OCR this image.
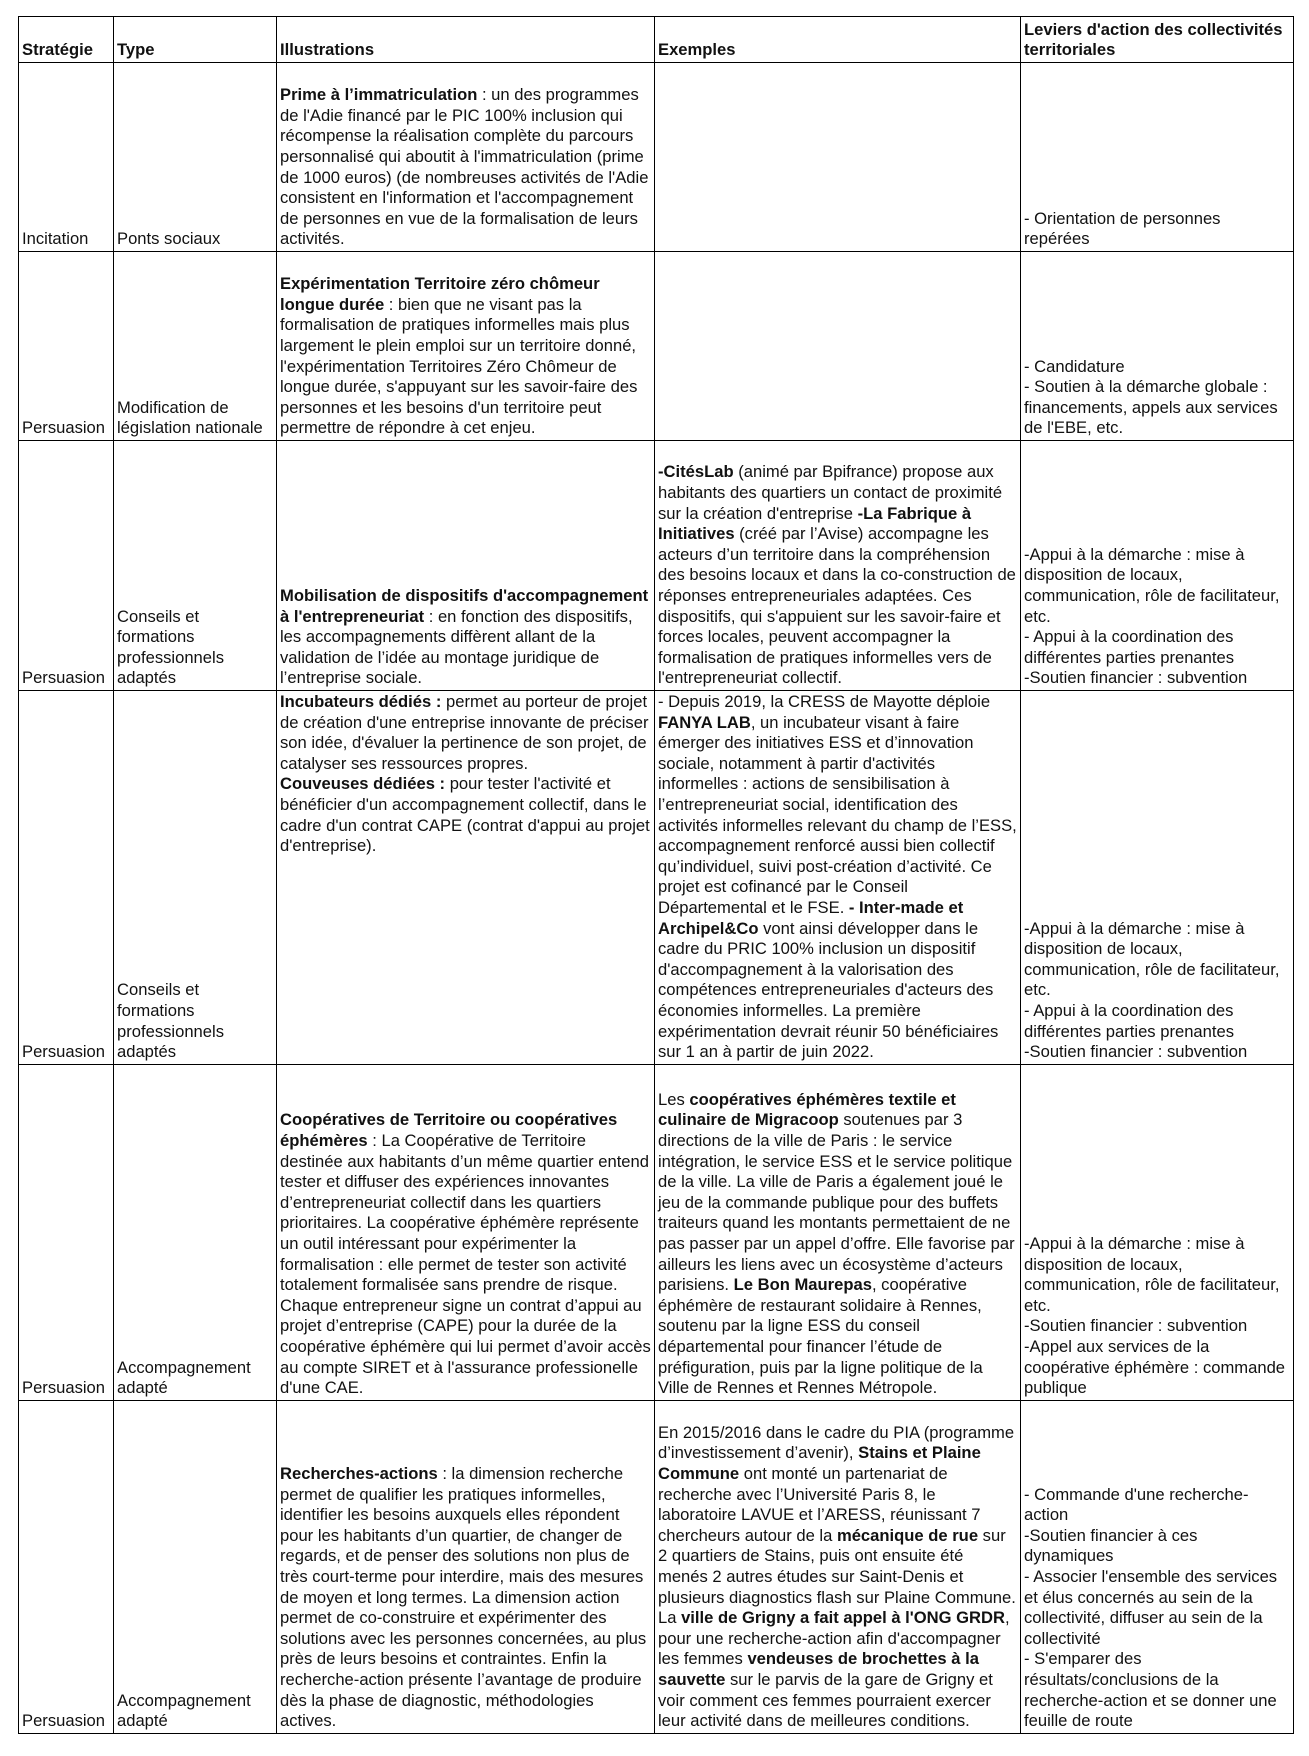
Stratégie	Type	Illustrations	Exemples	Leviers d'action des collectivités territoriales
Incitation	Ponts sociaux	Prime à l’immatriculation : un des programmes de l'Adie financé par le PIC 100% inclusion qui récompense la réalisation complète du parcours personnalisé qui aboutit à l'immatriculation (prime de 1000 euros) (de nombreuses activités de l'Adie consistent en l'information et l'accompagnement de personnes en vue de la formalisation de leurs activités.		- Orientation de personnes repérées

Persuasion	Modification de législation nationale	Expérimentation Territoire zéro chômeur longue durée : bien que ne visant pas la formalisation de pratiques informelles mais plus largement le plein emploi sur un territoire donné, l'expérimentation Territoires Zéro Chômeur de longue durée, s'appuyant sur les savoir-faire des personnes et les besoins d'un territoire peut permettre de répondre à cet enjeu.		- Candidature
- Soutien à la démarche globale : financements, appels aux services de l'EBE, etc.

Persuasion	Conseils et formations professionnels adaptés	Mobilisation de dispositifs d'accompagnement à l'entrepreneuriat : en fonction des dispositifs, les accompagnements diffèrent allant de la validation de l’idée au montage juridique de l’entreprise sociale.	-CitésLab (animé par Bpifrance) propose aux habitants des quartiers un contact de proximité sur la création d'entreprise -La Fabrique à Initiatives (créé par l’Avise) accompagne les acteurs d’un territoire dans la compréhension des besoins locaux et dans la co-construction de réponses entrepreneuriales adaptées. Ces dispositifs, qui s'appuient sur les savoir-faire et forces locales, peuvent accompagner la formalisation de pratiques informelles vers de l'entrepreneuriat collectif.	
-Appui à la démarche : mise à disposition de locaux, communication, rôle de facilitateur, etc.
- Appui à la coordination des différentes parties prenantes
-Soutien financier : subvention

Persuasion	Conseils et formations professionnels adaptés	Incubateurs dédiés : permet au porteur de projet de création d'une entreprise innovante de préciser son idée, d'évaluer la pertinence de son projet, de catalyser ses ressources propres.
Couveuses dédiées : pour tester l'activité et bénéficier d'un accompagnement collectif, dans le cadre d'un contrat CAPE (contrat d'appui au projet d'entreprise).	- Depuis 2019, la CRESS de Mayotte déploie FANYA LAB, un incubateur visant à faire émerger des initiatives ESS et d’innovation sociale, notamment à partir d'activités informelles : actions de sensibilisation à l’entrepreneuriat social, identification des activités informelles relevant du champ de l’ESS, accompagnement renforcé aussi bien collectif qu’individuel, suivi post-création d’activité. Ce projet est cofinancé par le Conseil Départemental et le FSE. - Inter-made et Archipel&Co vont ainsi développer dans le cadre du PRIC 100% inclusion un dispositif d'accompagnement à la valorisation des compétences entrepreneuriales d'acteurs des économies informelles. La première expérimentation devrait réunir 50 bénéficiaires sur 1 an à partir de juin 2022.	
-Appui à la démarche : mise à disposition de locaux, communication, rôle de facilitateur, etc.
- Appui à la coordination des différentes parties prenantes
-Soutien financier : subvention

Persuasion	Accompagnement adapté	Coopératives de Territoire ou coopératives éphémères : La Coopérative de Territoire destinée aux habitants d’un même quartier entend tester et diffuser des expériences innovantes d’entrepreneuriat collectif dans les quartiers prioritaires. La coopérative éphémère représente un outil intéressant pour expérimenter la formalisation : elle permet de tester son activité totalement formalisée sans prendre de risque. Chaque entrepreneur signe un contrat d’appui au projet d’entreprise (CAPE) pour la durée de la coopérative éphémère qui lui permet d’avoir accès au compte SIRET et à l'assurance professionelle d'une CAE.	Les coopératives éphémères textile et culinaire de Migracoop soutenues par 3 directions de la ville de Paris : le service intégration, le service ESS et le service politique de la ville. La ville de Paris a également joué le jeu de la commande publique pour des buffets traiteurs quand les montants permettaient de ne pas passer par un appel d’offre. Elle favorise par ailleurs les liens avec un écosystème d’acteurs parisiens. Le Bon Maurepas, coopérative éphémère de restaurant solidaire à Rennes, soutenu par la ligne ESS du conseil départemental pour financer l’étude de préfiguration, puis par la ligne politique de la Ville de Rennes et Rennes Métropole.	
-Appui à la démarche : mise à disposition de locaux, communication, rôle de facilitateur, etc.
-Soutien financier : subvention
-Appel aux services de la coopérative éphémère : commande publique

Persuasion	Accompagnement adapté	Recherches-actions : la dimension recherche permet de qualifier les pratiques informelles, identifier les besoins auxquels elles répondent pour les habitants d’un quartier, de changer de regards, et de penser des solutions non plus de très court-terme pour interdire, mais des mesures de moyen et long termes. La dimension action permet de co-construire et expérimenter des solutions avec les personnes concernées, au plus près de leurs besoins et contraintes. Enfin la recherche-action présente l’avantage de produire dès la phase de diagnostic, méthodologies actives.	En 2015/2016 dans le cadre du PIA (programme d’investissement d’avenir), Stains et Plaine Commune ont monté un partenariat de recherche avec l’Université Paris 8, le laboratoire LAVUE et l’ARESS, réunissant 7 chercheurs autour de la mécanique de rue sur 2 quartiers de Stains, puis ont ensuite été menés 2 autres études sur Saint-Denis et plusieurs diagnostics flash sur Plaine Commune. La ville de Grigny a fait appel à l'ONG GRDR, pour une recherche-action afin d'accompagner les femmes vendeuses de brochettes à la sauvette sur le parvis de la gare de Grigny et voir comment ces femmes pourraient exercer leur activité dans de meilleures conditions.	
- Commande d'une recherche-action
-Soutien financier à ces dynamiques
- Associer l'ensemble des services et élus concernés au sein de la collectivité, diffuser au sein de la collectivité
- S'emparer des résultats/conclusions de la recherche-action et se donner une feuille de route
